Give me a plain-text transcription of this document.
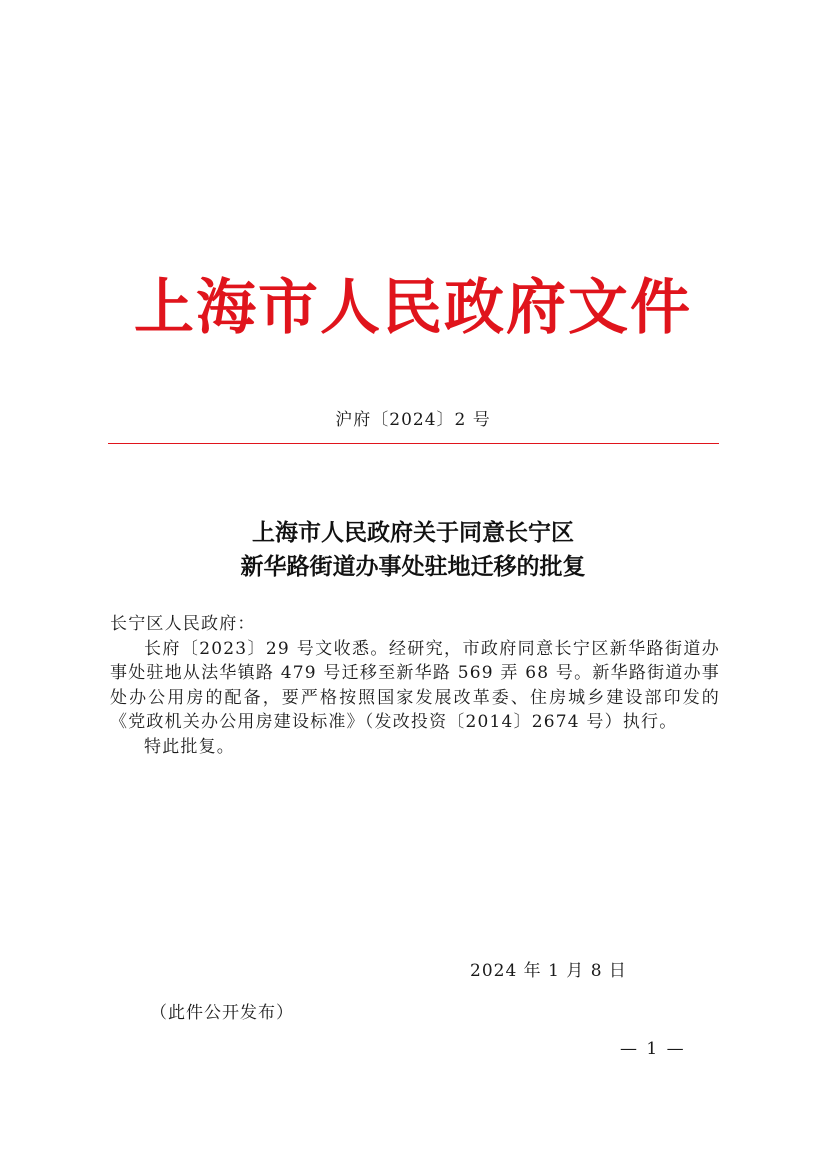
上海市人民政府文件
沪府〔2024〕2 号
上海市人民政府关于同意长宁区
新华路街道办事处驻地迁移的批复

长宁区人民政府：

长府〔2023〕29 号文收悉。经研究，市政府同意长宁区新华路街道办事处驻地从法华镇路 479 号迁移至新华路 569 弄 68 号。新华路街道办事处办公用房的配备，要严格按照国家发展改革委、住房城乡建设部印发的《党政机关办公用房建设标准》（发改投资〔2014〕2674 号）执行。

特此批复。

2024 年 1 月 8 日
（此件公开发布）
— 1 —
